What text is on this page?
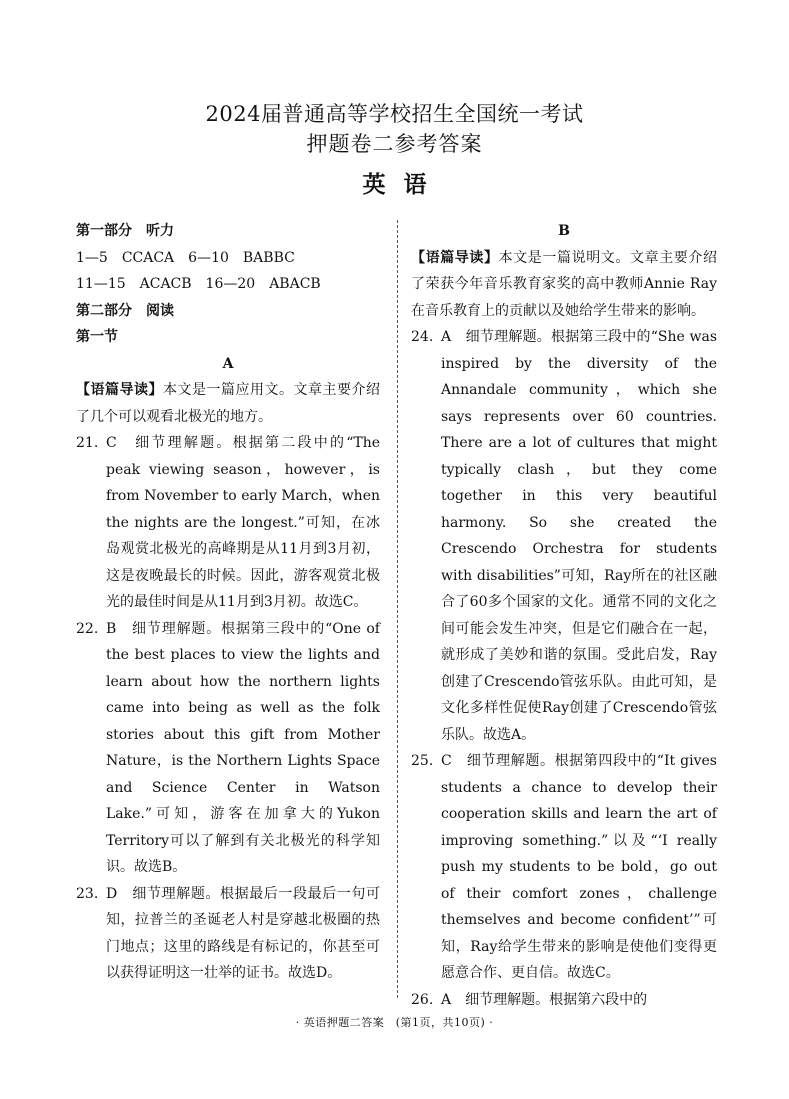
2024届普通高等学校招生全国统一考试
押题卷二参考答案
英语
第一部分　听力
1—5　CCACA　6—10　BABBC
11—15　ACACB　16—20　ABACB
第二部分　阅读
第一节
A
【语篇导读】本文是一篇应用文。文章主要介绍了几个可以观看北极光的地方。
21. C　细节理解题。根据第二段中的“The peak viewing season，however，is from November to early March，when the nights are the longest.”可知，在冰岛观赏北极光的高峰期是从11月到3月初，这是夜晚最长的时候。因此，游客观赏北极光的最佳时间是从11月到3月初。故选C。
22. B　细节理解题。根据第三段中的“One of the best places to view the lights and learn about how the northern lights came into being as well as the folk stories about this gift from Mother Nature，is the Northern Lights Space and Science Center in Watson Lake.”可知，游客在加拿大的Yukon Territory可以了解到有关北极光的科学知识。故选B。
23. D　细节理解题。根据最后一段最后一句可知，拉普兰的圣诞老人村是穿越北极圈的热门地点；这里的路线是有标记的，你甚至可以获得证明这一壮举的证书。故选D。
B
【语篇导读】本文是一篇说明文。文章主要介绍了荣获今年音乐教育家奖的高中教师Annie Ray在音乐教育上的贡献以及她给学生带来的影响。
24. A　细节理解题。根据第三段中的“She was inspired by the diversity of the Annandale community，which she says represents over 60 countries. There are a lot of cultures that might typically clash，but they come together in this very beautiful harmony. So she created the Crescendo Orchestra for students with disabilities”可知，Ray所在的社区融合了60多个国家的文化。通常不同的文化之间可能会发生冲突，但是它们融合在一起，就形成了美妙和谐的氛围。受此启发，Ray创建了Crescendo管弦乐队。由此可知，是文化多样性促使Ray创建了Crescendo管弦乐队。故选A。
25. C　细节理解题。根据第四段中的“It gives students a chance to develop their cooperation skills and learn the art of improving something.”以及“‘I really push my students to be bold，go out of their comfort zones，challenge themselves and become confident’”可知，Ray给学生带来的影响是使他们变得更愿意合作、更自信。故选C。
26. A　细节理解题。根据第六段中的
· 英语押题二答案　(第1页，共10页) ·
